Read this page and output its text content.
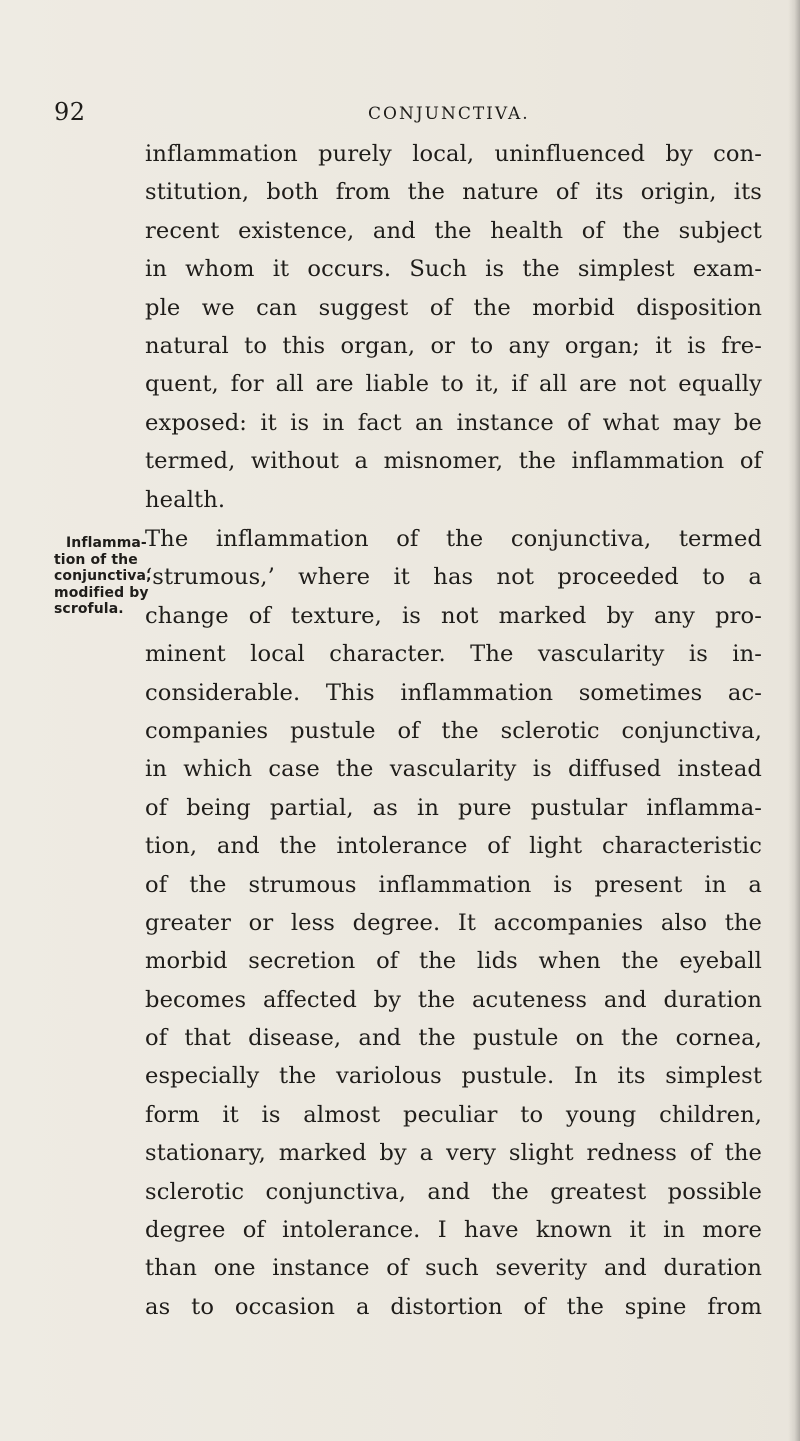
92	CONJUNCTIVA.
inflammation purely local, uninfluenced by con-
stitution, both from the nature of its origin, its
recent existence, and the health of the subject
in whom it occurs. Such is the simplest exam-
ple we can suggest of the morbid disposition
natural to this organ, or to any organ; it is fre-
quent, for all are liable to it, if all are not equally
exposed: it is in fact an instance of what may be
termed, without a misnomer, the inflammation of
health.
Inflamma-
tion of the
conjunctiva,
modified by
scrofula.
The inflammation of the conjunctiva, termed
‘strumous,’ where it has not proceeded to a
change of texture, is not marked by any pro-
minent local character. The vascularity is in-
considerable. This inflammation sometimes ac-
companies pustule of the sclerotic conjunctiva,
in which case the vascularity is diffused instead
of being partial, as in pure pustular inflamma-
tion, and the intolerance of light characteristic
of the strumous inflammation is present in a
greater or less degree. It accompanies also the
morbid secretion of the lids when the eyeball
becomes affected by the acuteness and duration
of that disease, and the pustule on the cornea,
especially the variolous pustule. In its simplest
form it is almost peculiar to young children,
stationary, marked by a very slight redness of the
sclerotic conjunctiva, and the greatest possible
degree of intolerance. I have known it in more
than one instance of such severity and duration
as to occasion a distortion of the spine from
